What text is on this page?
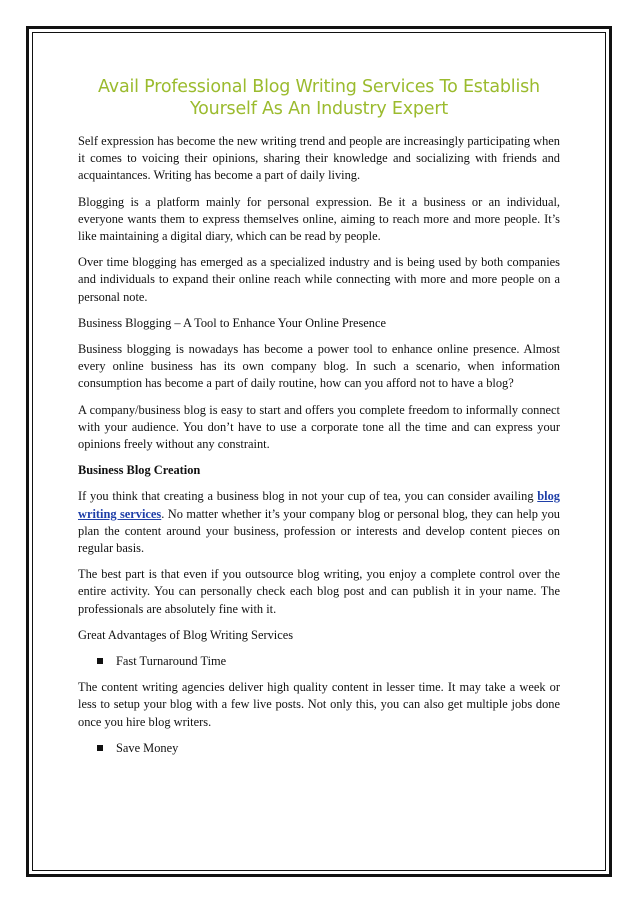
Avail Professional Blog Writing Services To Establish Yourself As An Industry Expert

Self expression has become the new writing trend and people are increasingly participating when it comes to voicing their opinions, sharing their knowledge and socializing with friends and acquaintances. Writing has become a part of daily living.

Blogging is a platform mainly for personal expression. Be it a business or an individual, everyone wants them to express themselves online, aiming to reach more and more people. It’s like maintaining a digital diary, which can be read by people.

Over time blogging has emerged as a specialized industry and is being used by both companies and individuals to expand their online reach while connecting with more and more people on a personal note.

Business Blogging – A Tool to Enhance Your Online Presence

Business blogging is nowadays has become a power tool to enhance online presence. Almost every online business has its own company blog. In such a scenario, when information consumption has become a part of daily routine, how can you afford not to have a blog?

A company/business blog is easy to start and offers you complete freedom to informally connect with your audience. You don’t have to use a corporate tone all the time and can express your opinions freely without any constraint.

Business Blog Creation

If you think that creating a business blog in not your cup of tea, you can consider availing blog writing services. No matter whether it’s your company blog or personal blog, they can help you plan the content around your business, profession or interests and develop content pieces on regular basis.

The best part is that even if you outsource blog writing, you enjoy a complete control over the entire activity. You can personally check each blog post and can publish it in your name. The professionals are absolutely fine with it.

Great Advantages of Blog Writing Services

Fast Turnaround Time

The content writing agencies deliver high quality content in lesser time. It may take a week or less to setup your blog with a few live posts. Not only this, you can also get multiple jobs done once you hire blog writers.

Save Money
